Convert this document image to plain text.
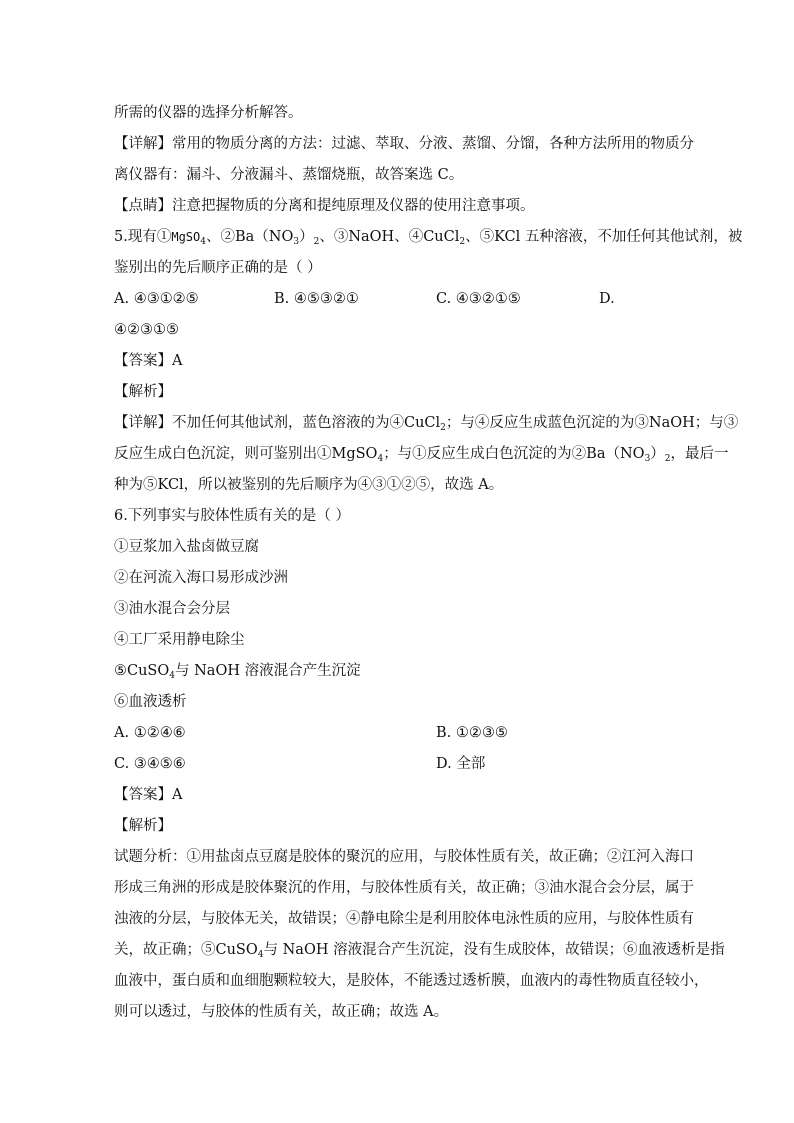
所需的仪器的选择分析解答。
【详解】常用的物质分离的方法：过滤、萃取、分液、蒸馏、分馏，各种方法所用的物质分
离仪器有：漏斗、分液漏斗、蒸馏烧瓶，故答案选 C。
【点睛】注意把握物质的分离和提纯原理及仪器的使用注意事项。
5.现有①MgSO$_4$、$②Ba(NO_3)_2$、③NaOH、④CuCl$_2$、⑤KCl 五种溶液，不加任何其他试剂，被
鉴别出的先后顺序正确的是（ ）
A. ④③①②⑤	B. ④⑤③②①	C. ④③②①⑤	D.
④②③①⑤
【答案】A
【解析】
【详解】不加任何其他试剂，蓝色溶液的为④CuCl$_2$；与④反应生成蓝色沉淀的为③NaOH；与③
反应生成白色沉淀，则可鉴别出①MgSO$_4$；与①反应生成白色沉淀的为$②Ba(NO_3)_2$，最后一
种为⑤KCl，所以被鉴别的先后顺序为④③①②⑤，故选 A。
6.下列事实与胶体性质有关的是（ ）
①豆浆加入盐卤做豆腐
②在河流入海口易形成沙洲
③油水混合会分层
④工厂采用静电除尘
⑤CuSO$_4$与 NaOH 溶液混合产生沉淀
⑥血液透析
A. ①②④⑥	B. ①②③⑤
C. ③④⑤⑥	D. 全部
【答案】A
【解析】
试题分析：①用盐卤点豆腐是胶体的聚沉的应用，与胶体性质有关，故正确；②江河入海口
形成三角洲的形成是胶体聚沉的作用，与胶体性质有关，故正确；③油水混合会分层，属于
浊液的分层，与胶体无关，故错误；④静电除尘是利用胶体电泳性质的应用，与胶体性质有
关，故正确；⑤CuSO$_4$与 NaOH 溶液混合产生沉淀，没有生成胶体，故错误；⑥血液透析是指
血液中，蛋白质和血细胞颗粒较大，是胶体，不能透过透析膜，血液内的毒性物质直径较小，
则可以透过，与胶体的性质有关，故正确；故选 A。
